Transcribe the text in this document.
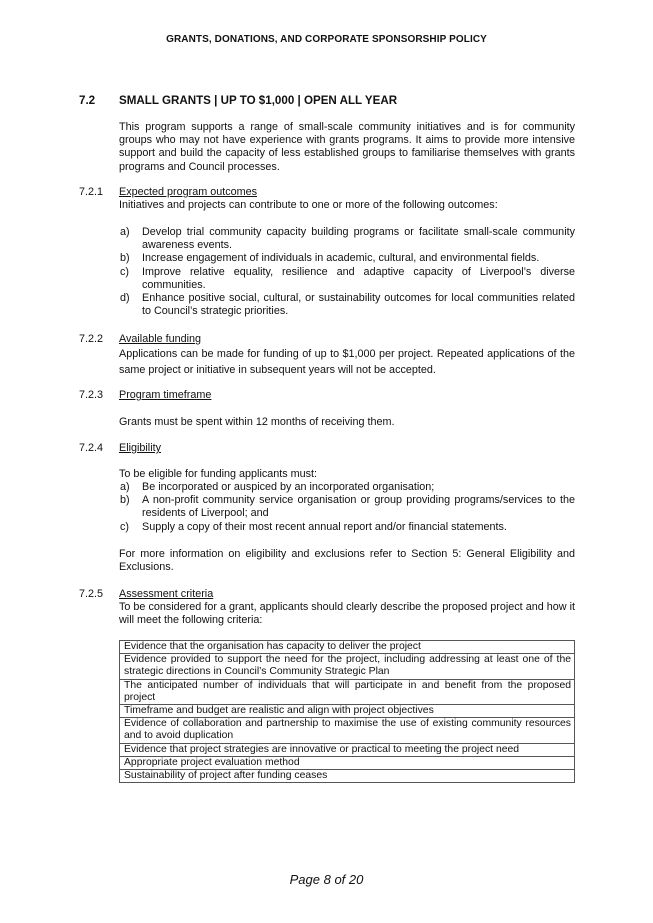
GRANTS, DONATIONS, AND CORPORATE SPONSORSHIP POLICY
7.2 SMALL GRANTS | UP TO $1,000 | OPEN ALL YEAR
This program supports a range of small-scale community initiatives and is for community groups who may not have experience with grants programs. It aims to provide more intensive support and build the capacity of less established groups to familiarise themselves with grants programs and Council processes.
7.2.1 Expected program outcomes
Initiatives and projects can contribute to one or more of the following outcomes:
a) Develop trial community capacity building programs or facilitate small-scale community awareness events.
b) Increase engagement of individuals in academic, cultural, and environmental fields.
c) Improve relative equality, resilience and adaptive capacity of Liverpool’s diverse communities.
d) Enhance positive social, cultural, or sustainability outcomes for local communities related to Council’s strategic priorities.
7.2.2 Available funding
Applications can be made for funding of up to $1,000 per project. Repeated applications of the same project or initiative in subsequent years will not be accepted.
7.2.3 Program timeframe
Grants must be spent within 12 months of receiving them.
7.2.4 Eligibility
To be eligible for funding applicants must:
a) Be incorporated or auspiced by an incorporated organisation;
b) A non-profit community service organisation or group providing programs/services to the residents of Liverpool; and
c) Supply a copy of their most recent annual report and/or financial statements.
For more information on eligibility and exclusions refer to Section 5: General Eligibility and Exclusions.
7.2.5 Assessment criteria
To be considered for a grant, applicants should clearly describe the proposed project and how it will meet the following criteria:
Evidence that the organisation has capacity to deliver the project
Evidence provided to support the need for the project, including addressing at least one of the strategic directions in Council’s Community Strategic Plan
The anticipated number of individuals that will participate in and benefit from the proposed project
Timeframe and budget are realistic and align with project objectives
Evidence of collaboration and partnership to maximise the use of existing community resources and to avoid duplication
Evidence that project strategies are innovative or practical to meeting the project need
Appropriate project evaluation method
Sustainability of project after funding ceases
Page 8 of 20
